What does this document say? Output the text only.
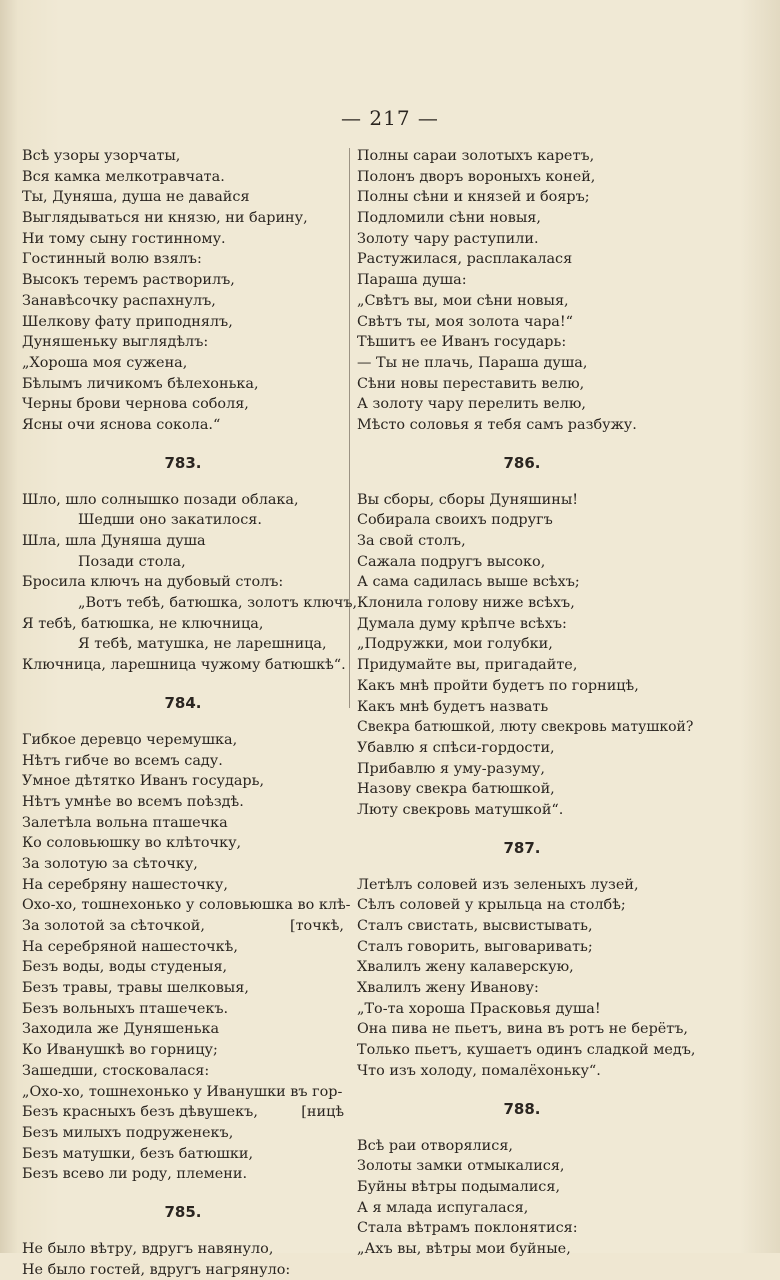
— 217 —
Всѣ узоры узорчаты,
Вся камка мелкотравчата.
Ты, Дуняша, душа не давайся
Выглядываться ни князю, ни барину,
Ни тому сыну гостинному.
Гостинный волю взялъ:
Высокъ теремъ растворилъ,
Занавѣсочку распахнулъ,
Шелкову фату приподнялъ,
Дуняшеньку выглядѣлъ:
„Хороша моя сужена,
Бѣлымъ личикомъ бѣлехонька,
Черны брови чернова соболя,
Ясны очи яснова сокола.“
783.
Шло, шло солнышко позади облака,
Шедши оно закатилося.
Шла, шла Дуняша душа
Позади стола,
Бросила ключъ на дубовый столъ:
„Вотъ тебѣ, батюшка, золотъ ключъ,
Я тебѣ, батюшка, не ключница,
Я тебѣ, матушка, не ларешница,
Ключница, ларешница чужому батюшкѣ“.
784.
Гибкое деревцо черемушка,
Нѣтъ гибче во всемъ саду.
Умное дѣтятко Иванъ государь,
Нѣтъ умнѣе во всемъ поѣздѣ.
Залетѣла вольна пташечка
Ко соловьюшку во клѣточку,
За золотую за сѣточку,
На серебряну нашесточку,
Охо-хо, тошнехонько у соловьюшка во клѣ-
За золотой за сѣточкой,	[точкѣ,
На серебряной нашесточкѣ,
Безъ воды, воды студеныя,
Безъ травы, травы шелковыя,
Безъ вольныхъ пташечекъ.
Заходила же Дуняшенька
Ко Иванушкѣ во горницу;
Зашедши, стосковалася:
„Охо-хо, тошнехонько у Иванушки въ гор-
Безъ красныхъ безъ дѣвушекъ,	[ницѣ
Безъ милыхъ подруженекъ,
Безъ матушки, безъ батюшки,
Безъ всево ли роду, племени.
785.
Не было вѣтру, вдругъ навянуло,
Не было гостей, вдругъ нагрянуло:
Полны сараи золотыхъ каретъ,
Полонъ дворъ вороныхъ коней,
Полны сѣни и князей и бояръ;
Подломили сѣни новыя,
Золоту чару раступили.
Растужилася, расплакалася
Параша душа:
„Свѣтъ вы, мои сѣни новыя,
Свѣтъ ты, моя золота чара!“
Тѣшитъ ее Иванъ государь:
— Ты не плачь, Параша душа,
Сѣни новы переставить велю,
А золоту чару перелить велю,
Мѣсто соловья я тебя самъ разбужу.
786.
Вы сборы, сборы Дуняшины!
Собирала своихъ подругъ
За свой столъ,
Сажала подругъ высоко,
А сама садилась выше всѣхъ;
Клонила голову ниже всѣхъ,
Думала думу крѣпче всѣхъ:
„Подружки, мои голубки,
Придумайте вы, пригадайте,
Какъ мнѣ пройти будетъ по горницѣ,
Какъ мнѣ будетъ назвать
Свекра батюшкой, люту свекровь матушкой?
Убавлю я спѣси-гордости,
Прибавлю я уму-разуму,
Назову свекра батюшкой,
Люту свекровь матушкой“.
787.
Летѣлъ соловей изъ зеленыхъ лузей,
Сѣлъ соловей у крыльца на столбѣ;
Сталъ свистать, высвистывать,
Сталъ говорить, выговаривать;
Хвалилъ жену калаверскую,
Хвалилъ жену Иванову:
„То-та хороша Прасковья душа!
Она пива не пьетъ, вина въ ротъ не берётъ,
Только пьетъ, кушаетъ одинъ сладкой медъ,
Что изъ холоду, помалёхоньку“.
788.
Всѣ раи отворялися,
Золоты замки отмыкалися,
Буйны вѣтры подымалися,
А я млада испугалася,
Стала вѣтрамъ поклонятися:
„Ахъ вы, вѣтры мои буйные,
